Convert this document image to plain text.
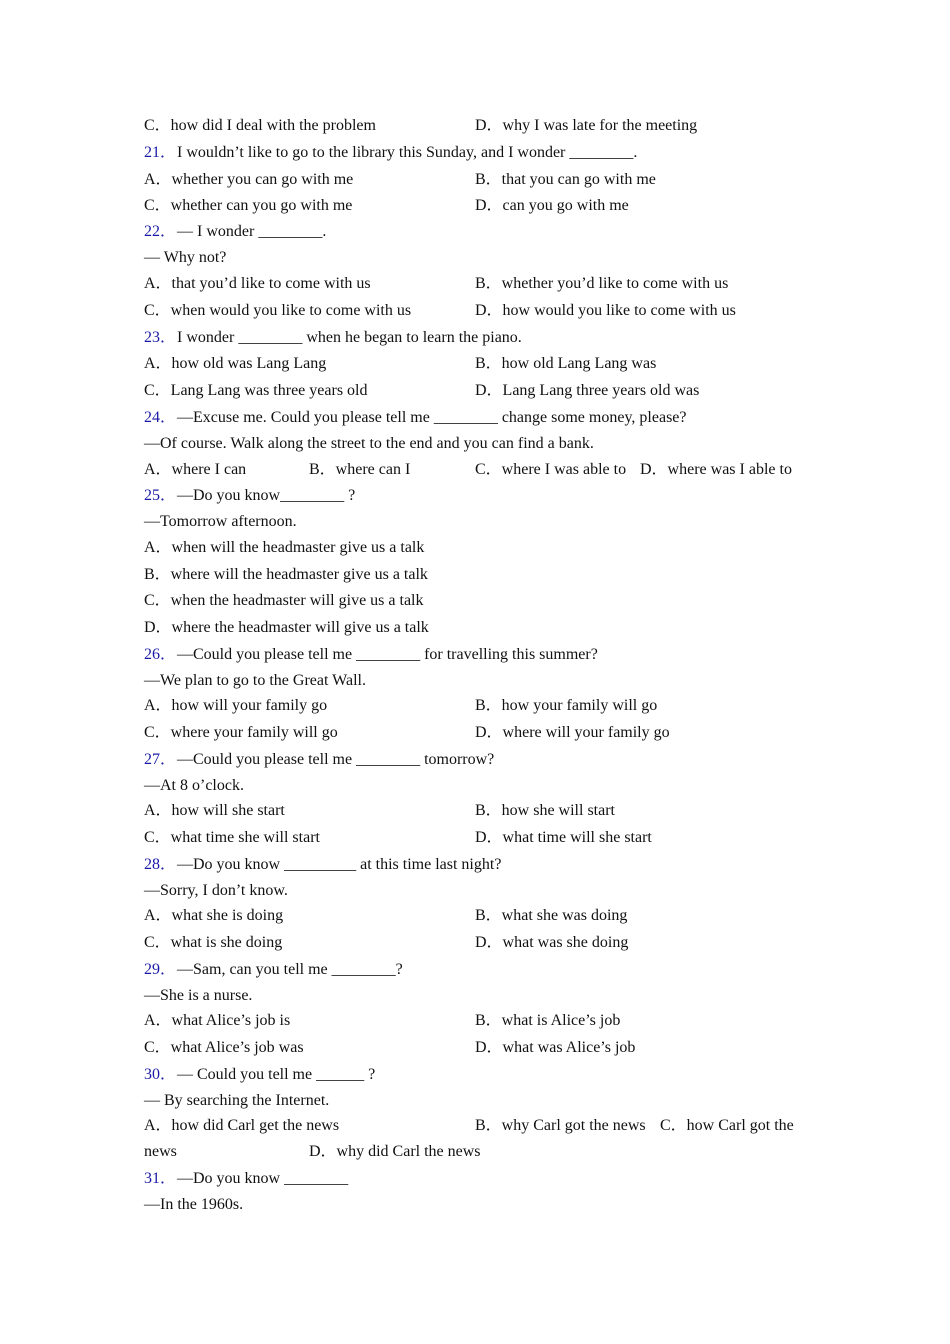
C．how did I deal with the problem	D．why I was late for the meeting
21． I wouldn’t like to go to the library this Sunday, and I wonder ________.
A．whether you can go with me	B．that you can go with me
C．whether can you go with me	D．can you go with me
22． — I wonder ________.
— Why not?
A．that you’d like to come with us	B．whether you’d like to come with us
C．when would you like to come with us	D．how would you like to come with us
23． I wonder ________ when he began to learn the piano.
A．how old was Lang Lang	B．how old Lang Lang was
C．Lang Lang was three years old	D．Lang Lang three years old was
24． —Excuse me. Could you please tell me ________ change some money, please?
—Of course. Walk along the street to the end and you can find a bank.
A．where I can	B．where can I	C．where I was able to D．where was I able to
25． —Do you know________ ?
—Tomorrow afternoon.
A．when will the headmaster give us a talk
B．where will the headmaster give us a talk
C．when the headmaster will give us a talk
D．where the headmaster will give us a talk
26． —Could you please tell me ________ for travelling this summer?
—We plan to go to the Great Wall.
A．how will your family go	B．how your family will go
C．where your family will go	D．where will your family go
27． —Could you please tell me ________ tomorrow?
—At 8 o’clock.
A．how will she start	B．how she will start
C．what time she will start	D．what time will she start
28． —Do you know _________ at this time last night?
—Sorry, I don’t know.
A．what she is doing	B．what she was doing
C．what is she doing	D．what was she doing
29． —Sam, can you tell me ________?
—She is a nurse.
A．what Alice’s job is	B．what is Alice’s job
C．what Alice’s job was	D．what was Alice’s job
30． — Could you tell me ______ ?
— By searching the Internet.
A．how did Carl get the news	B．why Carl got the news C．how Carl got the
news	D．why did Carl the news
31． —Do you know ________
—In the 1960s.
